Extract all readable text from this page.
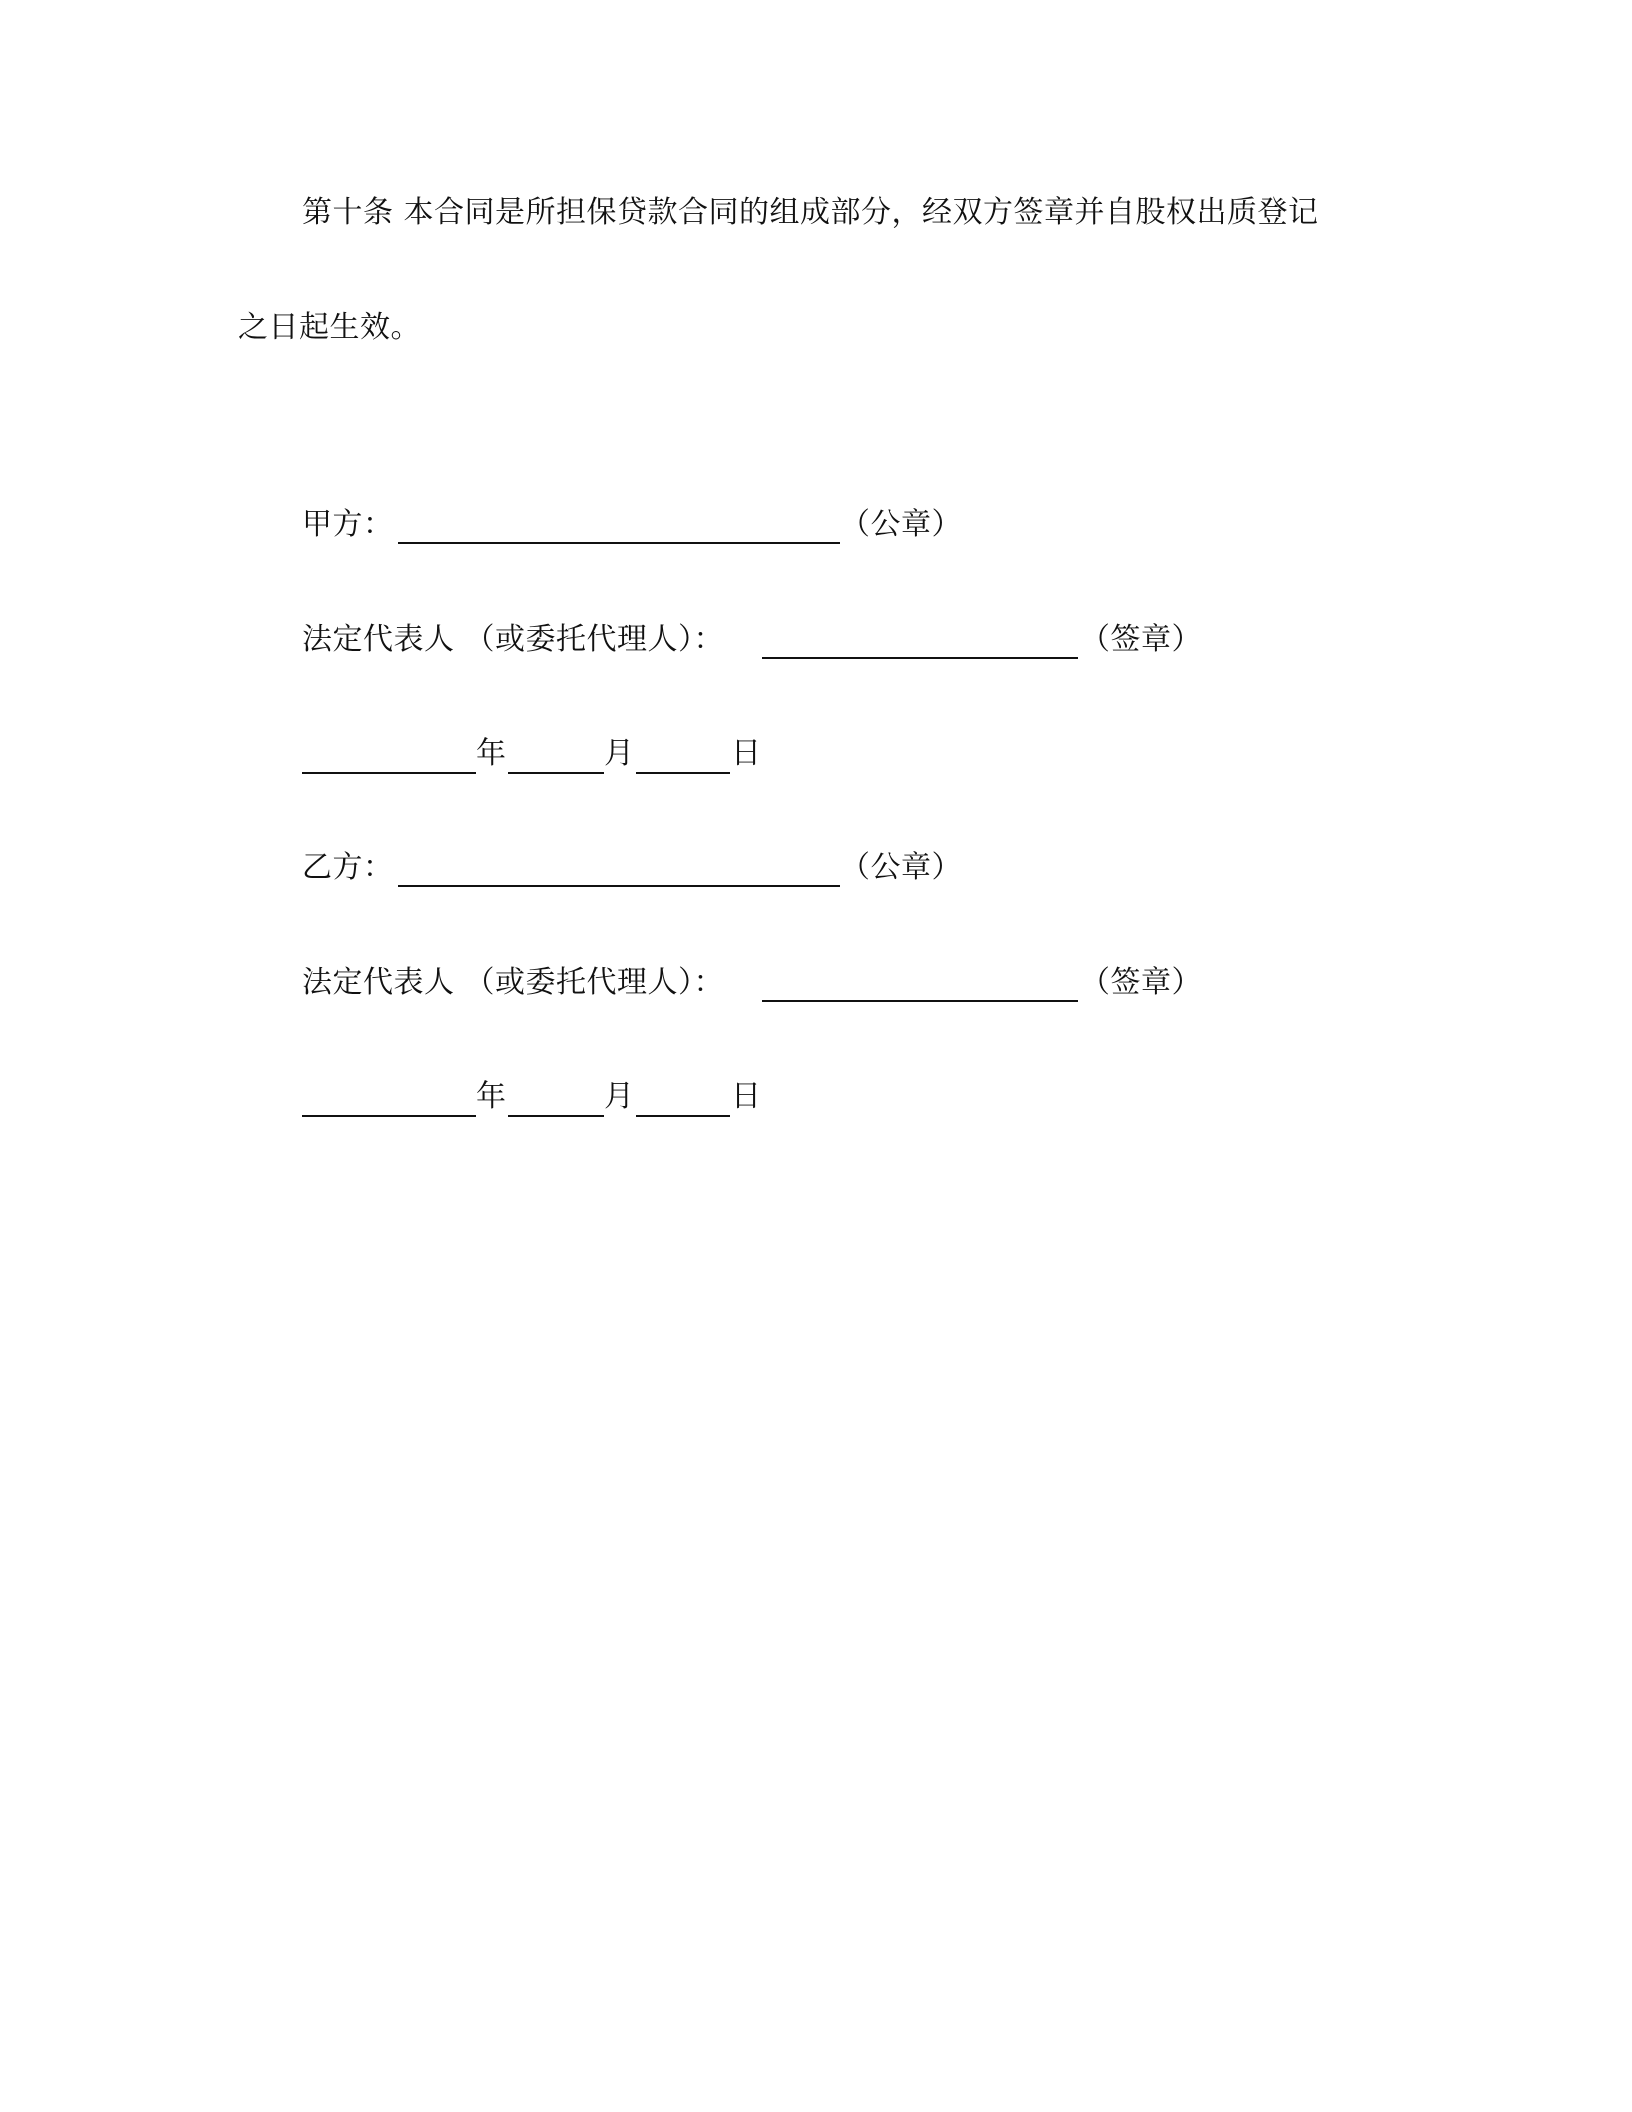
第十条 本合同是所担保贷款合同的组成部分，经双方签章并自股权出质登记
之日起生效。
甲方：	（公章）
法定代表人 （或委托代理人）：	（签章）
年	月	日
乙方：	（公章）
法定代表人 （或委托代理人）：	（签章）
年	月	日
